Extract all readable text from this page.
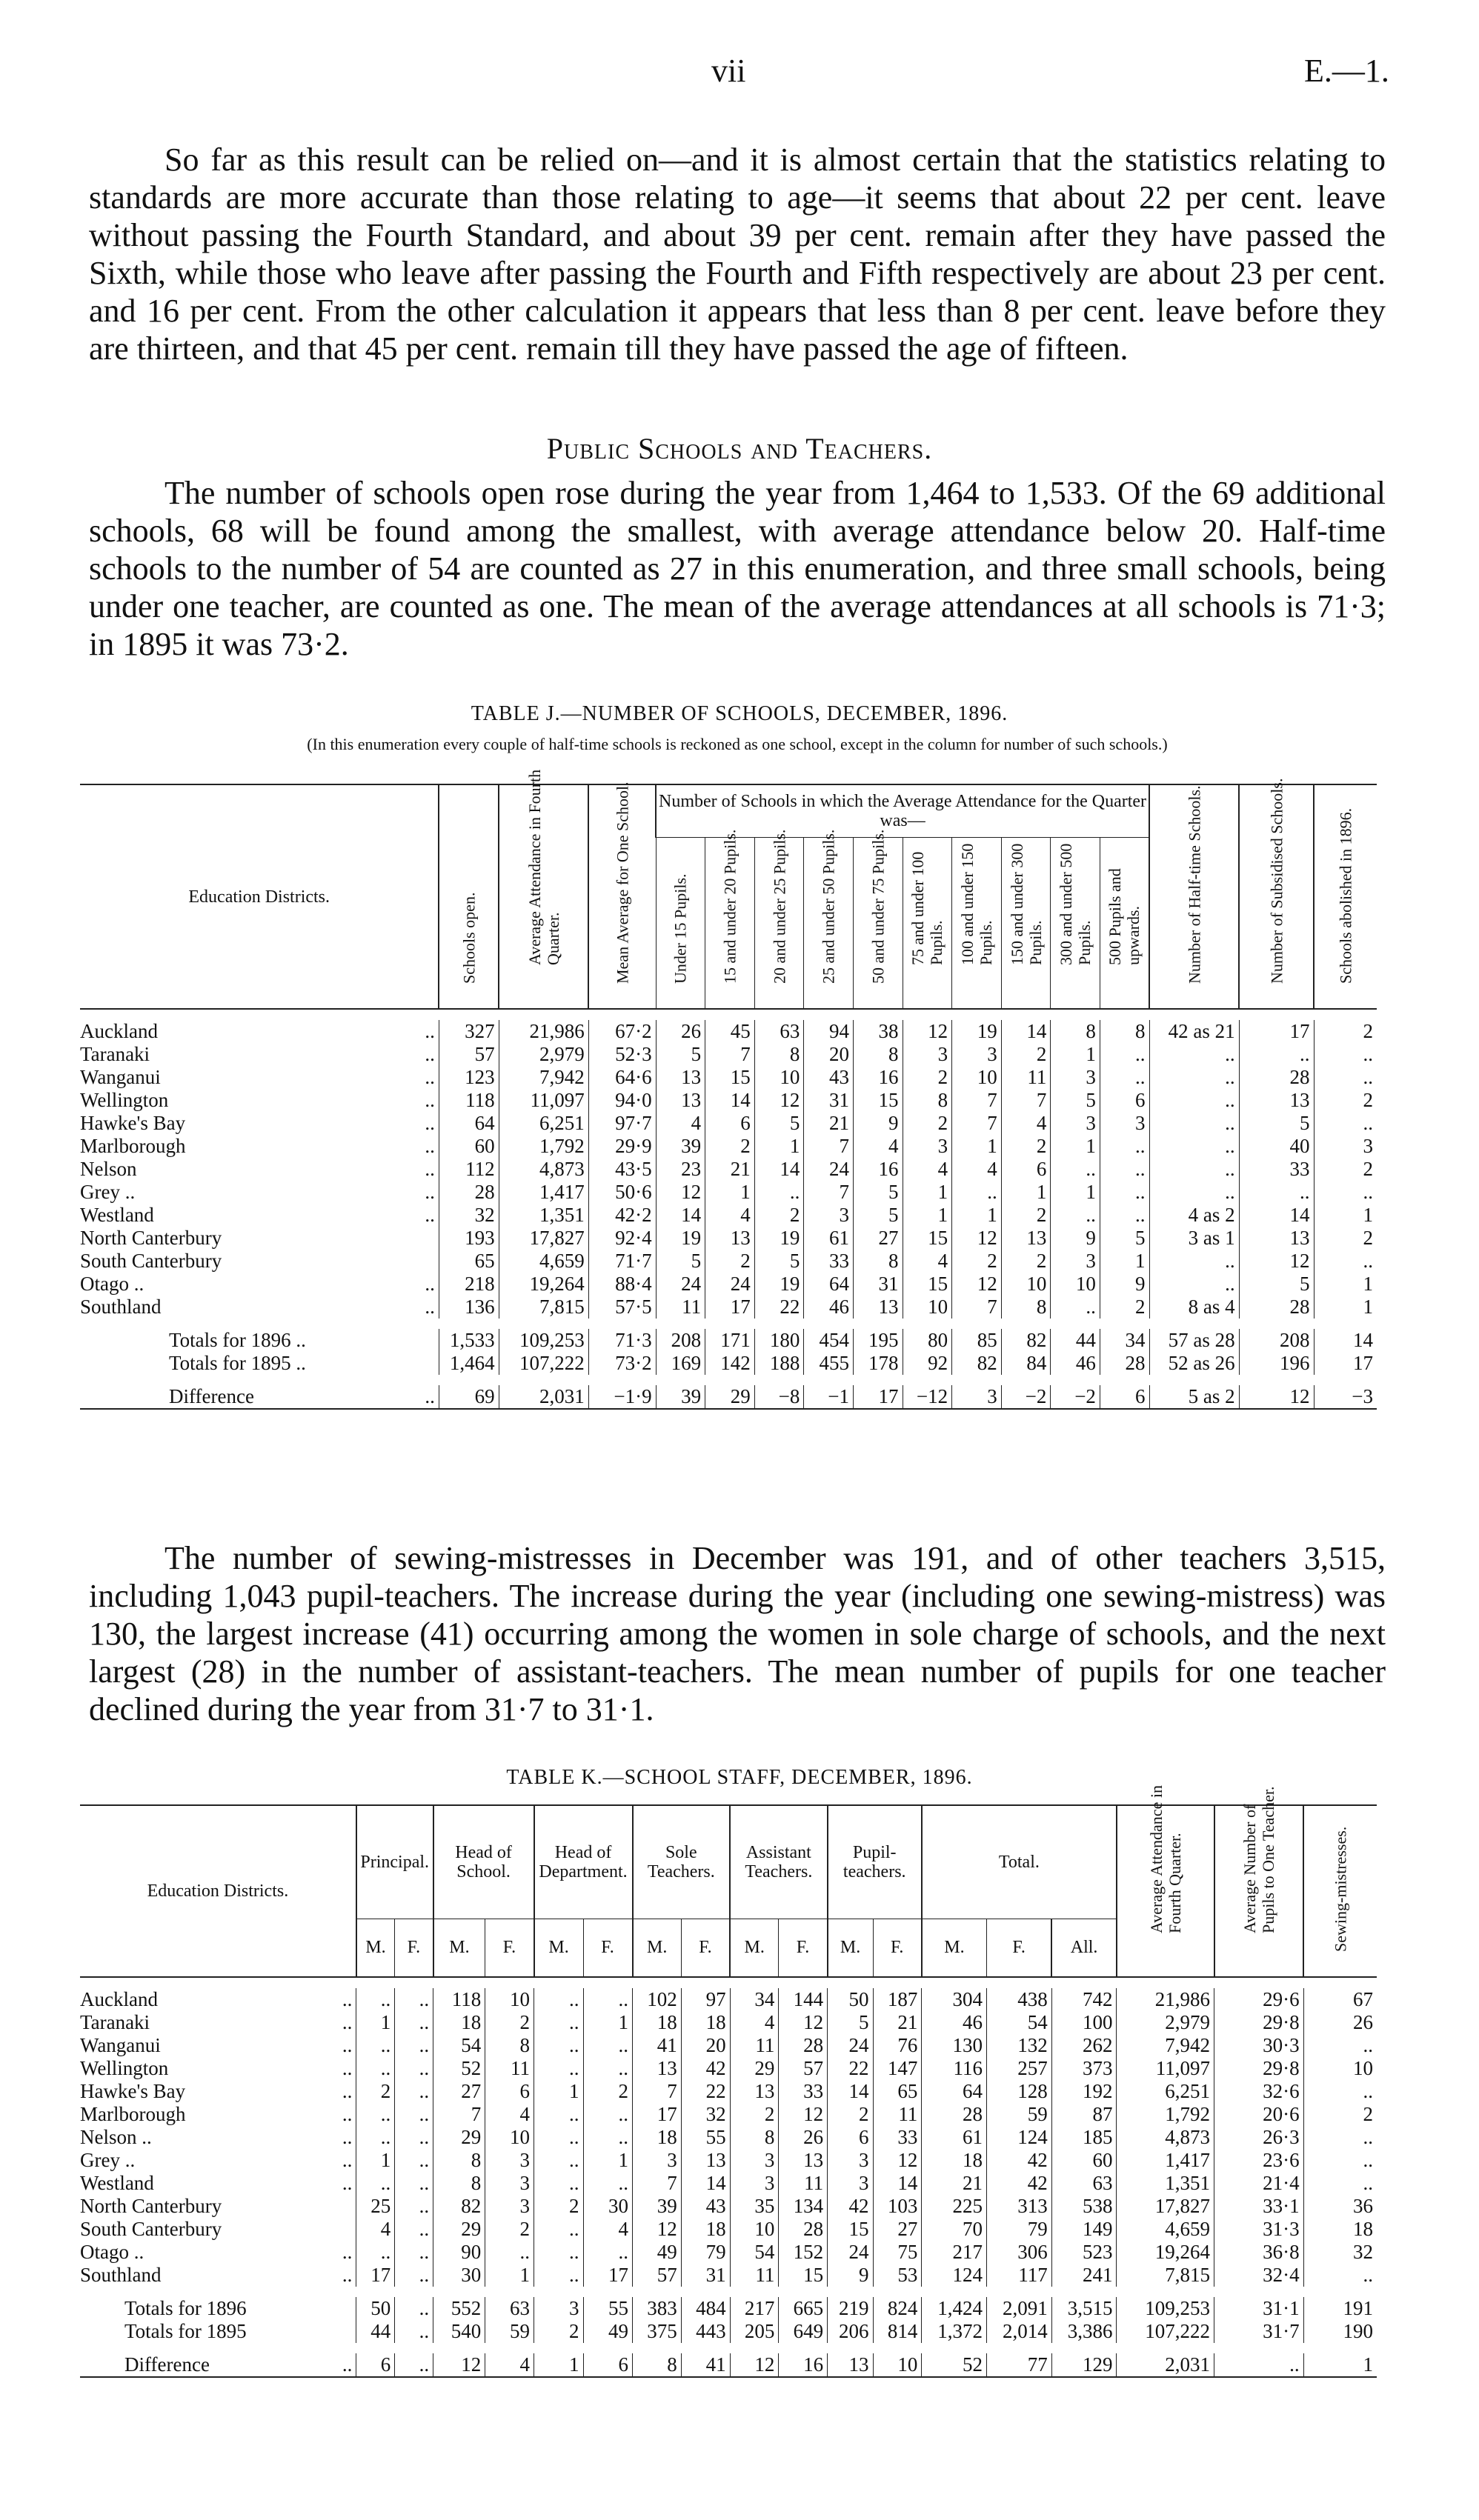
vii	E.—1.

So far as this result can be relied on—and it is almost certain that the statistics relating to standards are more accurate than those relating to age—it seems that about 22 per cent. leave without passing the Fourth Standard, and about 39 per cent. remain after they have passed the Sixth, while those who leave after passing the Fourth and Fifth respectively are about 23 per cent. and 16 per cent. From the other calculation it appears that less than 8 per cent. leave before they are thirteen, and that 45 per cent. remain till they have passed the age of fifteen.

Public Schools and Teachers.

The number of schools open rose during the year from 1,464 to 1,533. Of the 69 additional schools, 68 will be found among the smallest, with average attendance below 20. Half-time schools to the number of 54 are counted as 27 in this enumeration, and three small schools, being under one teacher, are counted as one. The mean of the average attendances at all schools is 71·3; in 1895 it was 73·2.

TABLE J.—NUMBER OF SCHOOLS, DECEMBER, 1896.
(In this enumeration every couple of half-time schools is reckoned as one school, except in the column for number of such schools.)
Education Districts.		Schools open.	Average Attendance in Fourth Quarter.	Mean Average for One School.	Number of Schools in which the Average Attendance for the Quarter was—										Number of Half-time Schools.	Number of Subsidised Schools.	Schools abolished in 1896.

					Under 15 Pupils.	15 and under 20 Pupils.	20 and under 25 Pupils.	25 and under 50 Pupils.	50 and under 75 Pupils.	75 and under 100 Pupils.	100 and under 150 Pupils.	150 and under 300 Pupils.	300 and under 500 Pupils.	500 Pupils and upwards.			

Auckland	..	327	21,986	67·2	26	45	63	94	38	12	19	14	8	8	42 as 21	17	2
Taranaki	..	57	2,979	52·3	5	7	8	20	8	3	3	2	1	..	..	..	..
Wanganui	..	123	7,942	64·6	13	15	10	43	16	2	10	11	3	..	..	28	..
Wellington	..	118	11,097	94·0	13	14	12	31	15	8	7	7	5	6	..	13	2
Hawke's Bay	..	64	6,251	97·7	4	6	5	21	9	2	7	4	3	3	..	5	..
Marlborough	..	60	1,792	29·9	39	2	1	7	4	3	1	2	1	..	..	40	3
Nelson	..	112	4,873	43·5	23	21	14	24	16	4	4	6	..	..	..	33	2
Grey ..	..	28	1,417	50·6	12	1	..	7	5	1	..	1	1	..	..	..	..
Westland	..	32	1,351	42·2	14	4	2	3	5	1	1	2	..	..	4 as 2	14	1
North Canterbury		193	17,827	92·4	19	13	19	61	27	15	12	13	9	5	3 as 1	13	2
South Canterbury		65	4,659	71·7	5	2	5	33	8	4	2	2	3	1	..	12	..
Otago ..	..	218	19,264	88·4	24	24	19	64	31	15	12	10	10	9	..	5	1
Southland	..	136	7,815	57·5	11	17	22	46	13	10	7	8	..	2	8 as 4	28	1

Totals for 1896 ..		1,533	109,253	71·3	208	171	180	454	195	80	85	82	44	34	57 as 28	208	14
Totals for 1895 ..		1,464	107,222	73·2	169	142	188	455	178	92	82	84	46	28	52 as 26	196	17

Difference	..	69	2,031	−1·9	39	29	−8	−1	17	−12	3	−2	−2	6	5 as 2	12	−3

The number of sewing-mistresses in December was 191, and of other teachers 3,515, including 1,043 pupil-teachers. The increase during the year (including one sewing-mistress) was 130, the largest increase (41) occurring among the women in sole charge of schools, and the next largest (28) in the number of assistant-teachers. The mean number of pupils for one teacher declined during the year from 31·7 to 31·1.

TABLE K.—SCHOOL STAFF, DECEMBER, 1896.
Education Districts.		Principal.		Head of School.		Head of Department.		Sole Teachers.		Assistant Teachers.		Pupil-teachers.		Total.			Average Attendance in Fourth Quarter.	Average Number of Pupils to One Teacher.	Sewing-mistresses.

		M.	F.	M.	F.	M.	F.	M.	F.	M.	F.	M.	F.	M.	F.	All.			

Auckland	..	..	..	118	10	..	..	102	97	34	144	50	187	304	438	742	21,986	29·6	67
Taranaki	..	1	..	18	2	..	1	18	18	4	12	5	21	46	54	100	2,979	29·8	26
Wanganui	..	..	..	54	8	..	..	41	20	11	28	24	76	130	132	262	7,942	30·3	..
Wellington	..	..	..	52	11	..	..	13	42	29	57	22	147	116	257	373	11,097	29·8	10
Hawke's Bay	..	2	..	27	6	1	2	7	22	13	33	14	65	64	128	192	6,251	32·6	..
Marlborough	..	..	..	7	4	..	..	17	32	2	12	2	11	28	59	87	1,792	20·6	2
Nelson ..	..	..	..	29	10	..	..	18	55	8	26	6	33	61	124	185	4,873	26·3	..
Grey ..	..	1	..	8	3	..	1	3	13	3	13	3	12	18	42	60	1,417	23·6	..
Westland	..	..	..	8	3	..	..	7	14	3	11	3	14	21	42	63	1,351	21·4	..
North Canterbury		25	..	82	3	2	30	39	43	35	134	42	103	225	313	538	17,827	33·1	36
South Canterbury		4	..	29	2	..	4	12	18	10	28	15	27	70	79	149	4,659	31·3	18
Otago ..	..	..	..	90	..	..	..	49	79	54	152	24	75	217	306	523	19,264	36·8	32
Southland	..	17	..	30	1	..	17	57	31	11	15	9	53	124	117	241	7,815	32·4	..

Totals for 1896		50	..	552	63	3	55	383	484	217	665	219	824	1,424	2,091	3,515	109,253	31·1	191
Totals for 1895		44	..	540	59	2	49	375	443	205	649	206	814	1,372	2,014	3,386	107,222	31·7	190

Difference	..	6	..	12	4	1	6	8	41	12	16	13	10	52	77	129	2,031	..	1
